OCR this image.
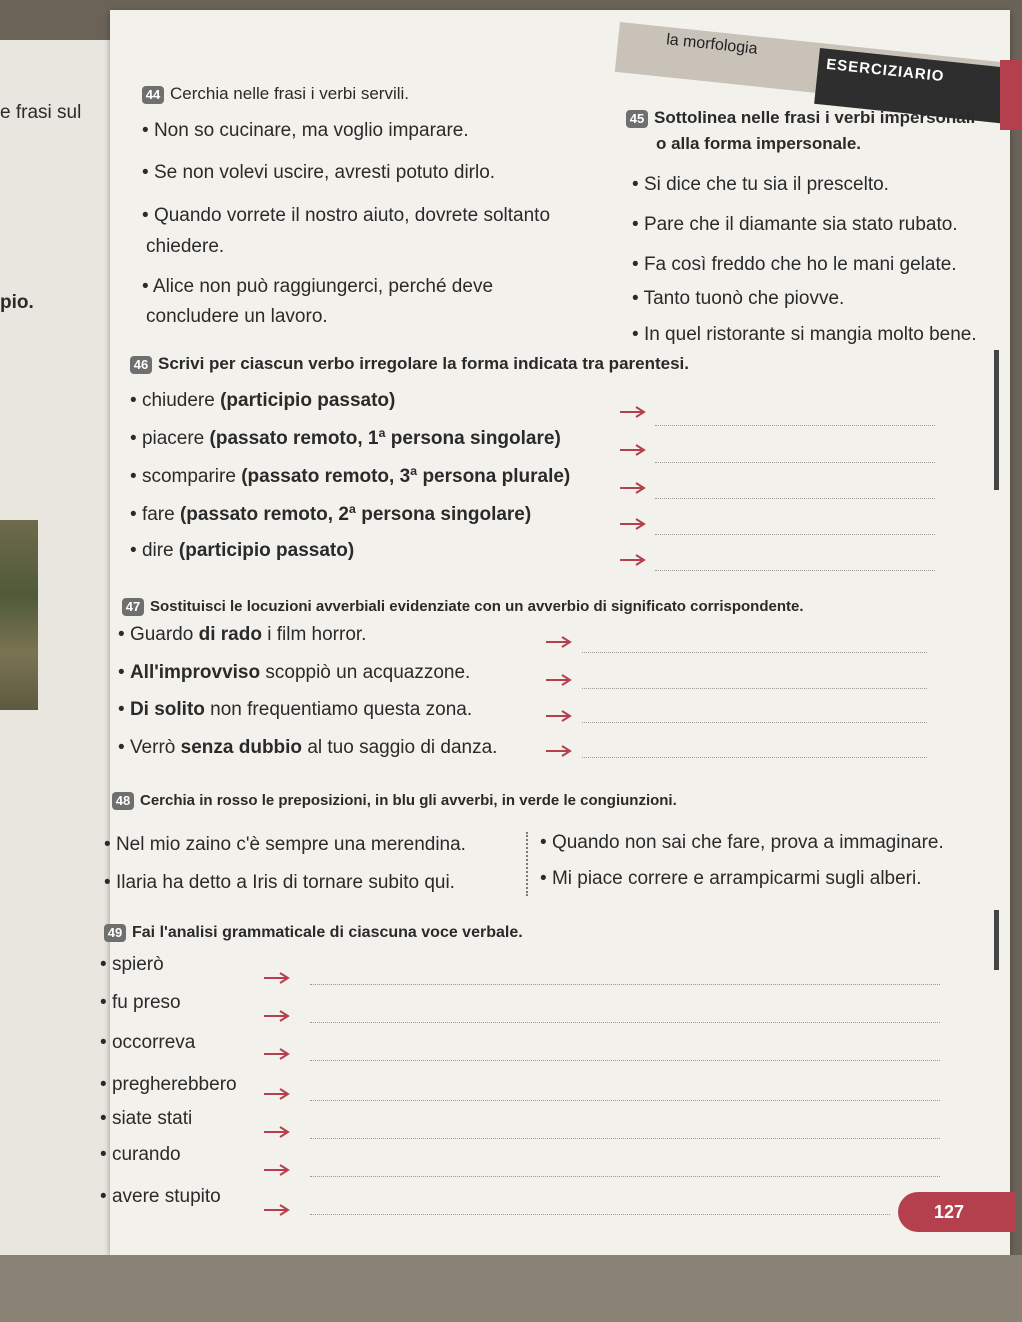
e frasi sul
pio.
la morfologia
ESERCIZIARIO
44 Cerchia nelle frasi i verbi servili.
• Non so cucinare, ma voglio imparare.
• Se non volevi uscire, avresti potuto dirlo.
• Quando vorrete il nostro aiuto, dovrete soltanto
chiedere.
• Alice non può raggiungerci, perché deve
concludere un lavoro.
45 Sottolinea nelle frasi i verbi impersonali
o alla forma impersonale.
• Si dice che tu sia il prescelto.
• Pare che il diamante sia stato rubato.
• Fa così freddo che ho le mani gelate.
• Tanto tuonò che piovve.
• In quel ristorante si mangia molto bene.
46 Scrivi per ciascun verbo irregolare la forma indicata tra parentesi.
• chiudere (participio passato)
• piacere (passato remoto, 1ª persona singolare)
• scomparire (passato remoto, 3ª persona plurale)
• fare (passato remoto, 2ª persona singolare)
• dire (participio passato)
47 Sostituisci le locuzioni avverbiali evidenziate con un avverbio di significato corrispondente.
• Guardo di rado i film horror.
• All'improvviso scoppiò un acquazzone.
• Di solito non frequentiamo questa zona.
• Verrò senza dubbio al tuo saggio di danza.
48 Cerchia in rosso le preposizioni, in blu gli avverbi, in verde le congiunzioni.
• Nel mio zaino c'è sempre una merendina.	• Quando non sai che fare, prova a immaginare.
• Ilaria ha detto a Iris di tornare subito qui.	• Mi piace correre e arrampicarmi sugli alberi.
49 Fai l'analisi grammaticale di ciascuna voce verbale.
• spierò
• fu preso
• occorreva
• pregherebbero
• siate stati
• curando
• avere stupito
127
